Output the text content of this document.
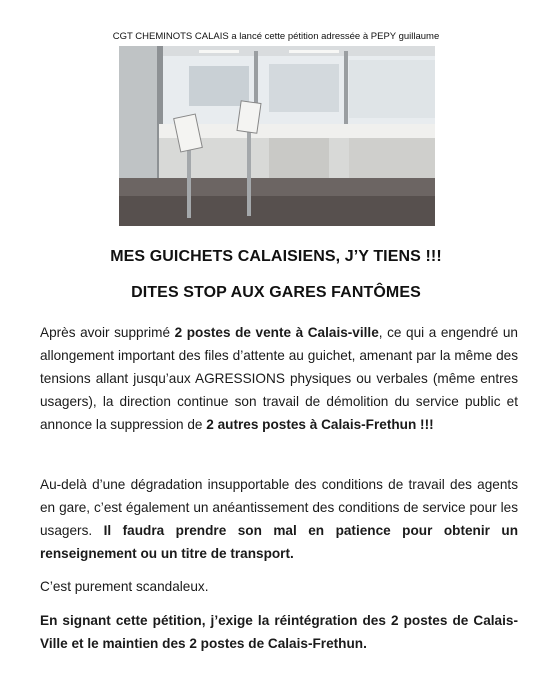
CGT CHEMINOTS CALAIS a lancé cette pétition adressée à PEPY guillaume
MES GUICHETS CALAISIENS, J’Y TIENS !!!
DITES STOP AUX GARES FANTÔMES
Après avoir supprimé 2 postes de vente à Calais-ville, ce qui a engendré un allongement important des files d’attente au guichet, amenant par la même des tensions allant jusqu’aux AGRESSIONS physiques ou verbales (même entres usagers), la direction continue son travail de démolition du service public et annonce la suppression de 2 autres postes à Calais-Frethun !!!
Au-delà d’une dégradation insupportable des conditions de travail des agents en gare, c’est également un anéantissement des conditions de service pour les usagers. Il faudra prendre son mal en patience pour obtenir un renseignement ou un titre de transport.
C’est purement scandaleux.
En signant cette pétition, j’exige la réintégration des 2 postes de Calais-Ville et le maintien des 2 postes de Calais-Frethun.
